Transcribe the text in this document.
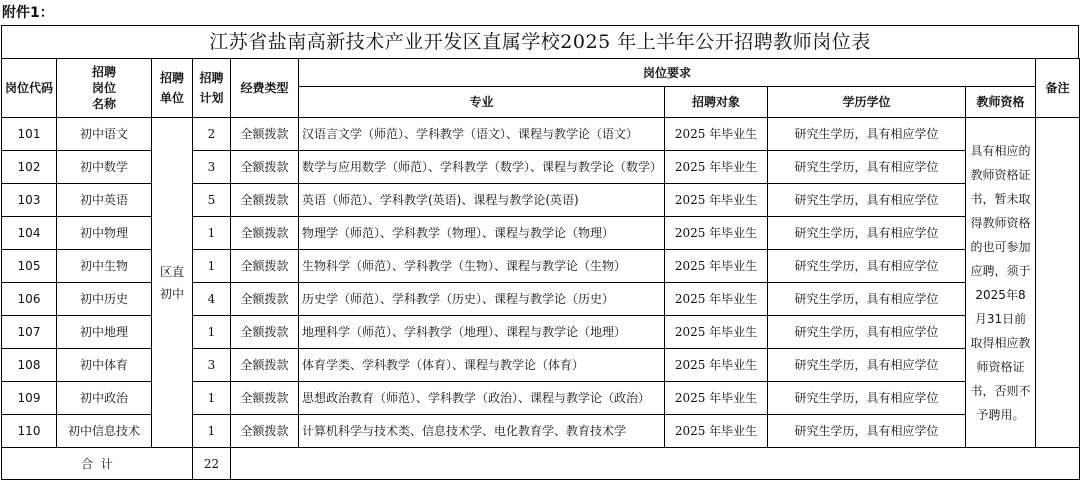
附件1：
江苏省盐南高新技术产业开发区直属学校2025 年上半年公开招聘教师岗位表
岗位代码	招聘岗位名称	招聘单位	招聘计划	经费类型	岗位要求				备注
					专业	招聘对象	学历学位	教师资格	
101	初中语文	区直初中	2	全额拨款	汉语言文学（师范）、学科教学（语文）、课程与教学论（语文）	2025 年毕业生	研究生学历，具有相应学位	具有相应的教师资格证书，暂未取得教师资格的也可参加应聘，须于2025年8月31日前取得相应教师资格证书，否则不予聘用。	

102	初中数学		3	全额拨款	数学与应用数学（师范）、学科教学（数学）、课程与教学论（数学）	2025 年毕业生	研究生学历，具有相应学位		
103	初中英语		5	全额拨款	英语（师范）、学科教学(英语)、课程与教学论(英语)	2025 年毕业生	研究生学历，具有相应学位		
104	初中物理		1	全额拨款	物理学（师范）、学科教学（物理）、课程与教学论（物理）	2025 年毕业生	研究生学历，具有相应学位		
105	初中生物		1	全额拨款	生物科学（师范）、学科教学（生物）、课程与教学论（生物）	2025 年毕业生	研究生学历，具有相应学位		
106	初中历史		4	全额拨款	历史学（师范）、学科教学（历史）、课程与教学论（历史）	2025 年毕业生	研究生学历，具有相应学位		
107	初中地理		1	全额拨款	地理科学（师范）、学科教学（地理）、课程与教学论（地理）	2025 年毕业生	研究生学历，具有相应学位		
108	初中体育		3	全额拨款	体育学类、学科教学（体育）、课程与教学论（体育）	2025 年毕业生	研究生学历，具有相应学位		
109	初中政治		1	全额拨款	思想政治教育（师范）、学科教学（政治）、课程与教学论（政治）	2025 年毕业生	研究生学历，具有相应学位		
110	初中信息技术		1	全额拨款	计算机科学与技术类、信息技术学、电化教育学、教育技术学	2025 年毕业生	研究生学历，具有相应学位		
合  计			22						
